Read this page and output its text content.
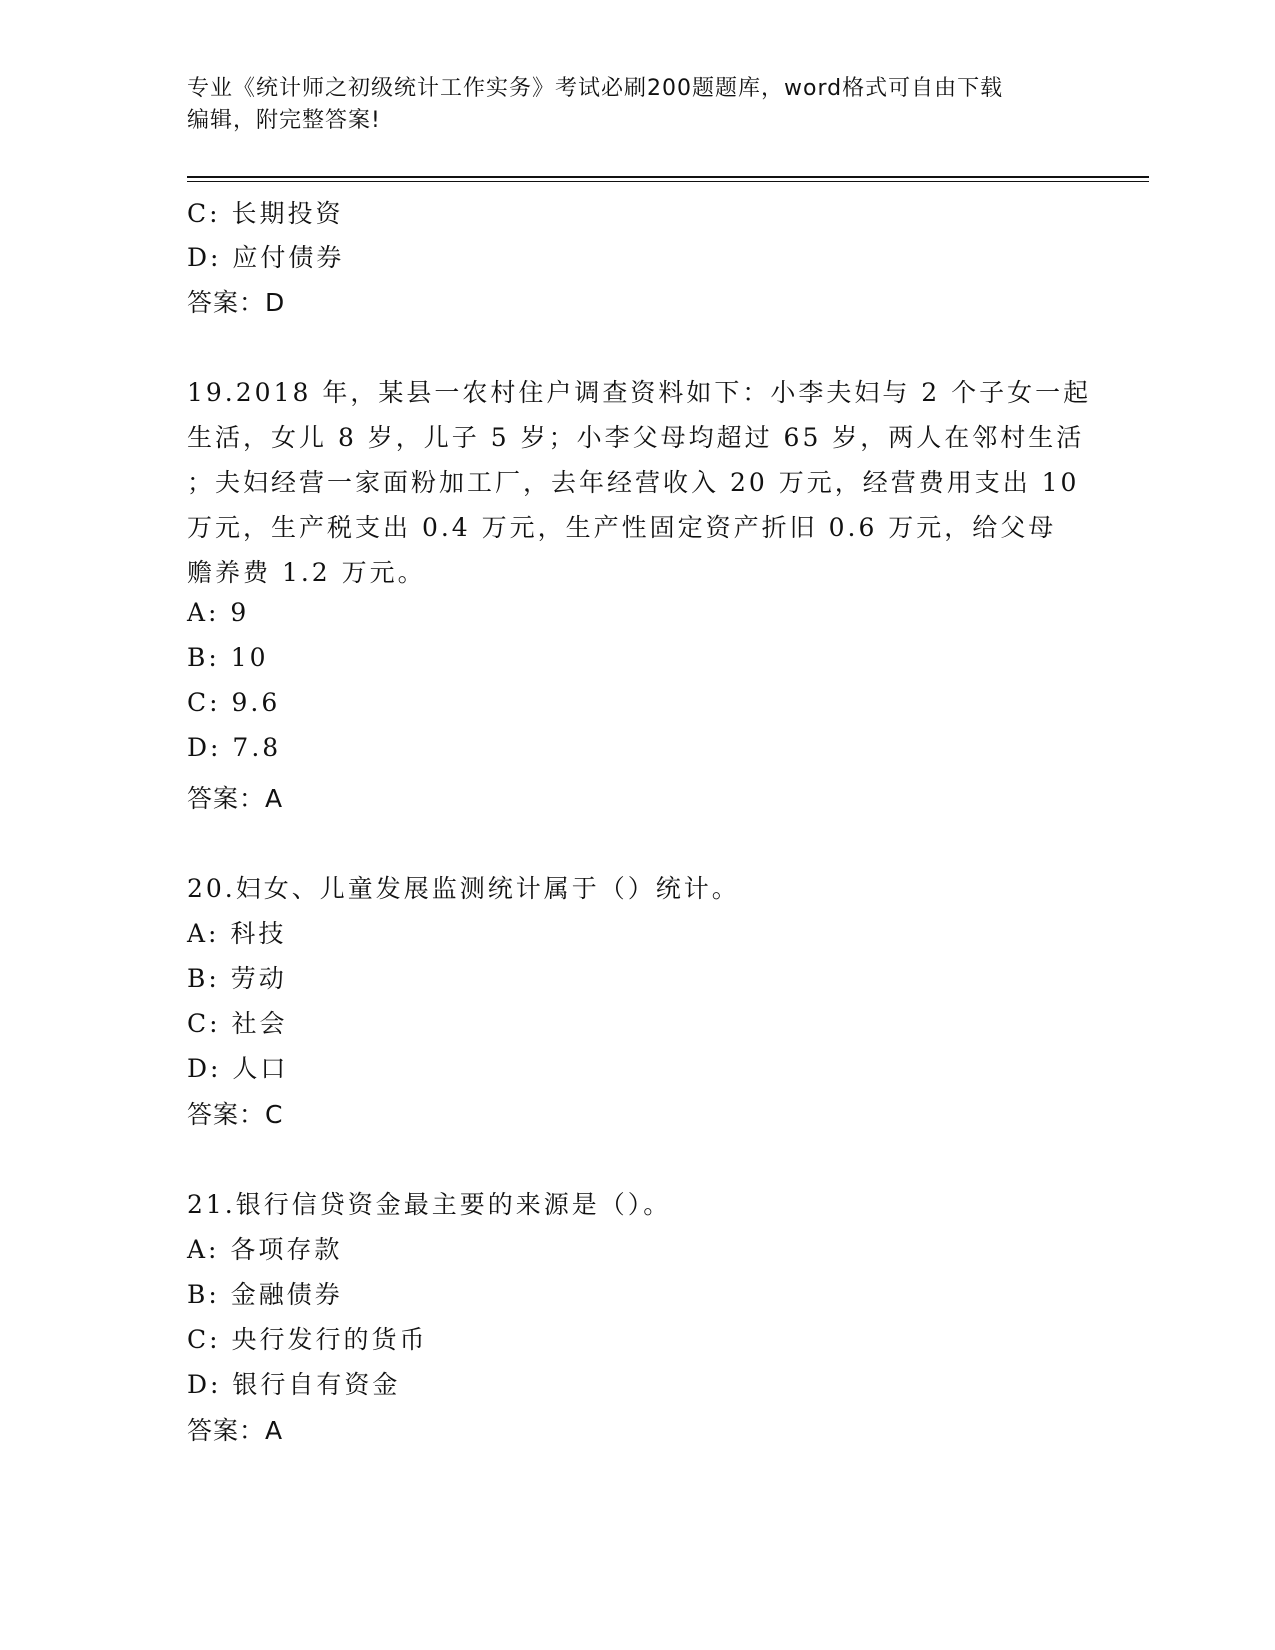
专业《统计师之初级统计工作实务》考试必刷200题题库，word格式可自由下载
编辑，附完整答案!
C: 长期投资
D: 应付债券
答案：D
19.2018 年，某县一农村住户调查资料如下：小李夫妇与 2 个子女一起
生活，女儿 8 岁，儿子 5 岁；小李父母均超过 65 岁，两人在邻村生活
；夫妇经营一家面粉加工厂，去年经营收入 20 万元，经营费用支出 10
万元，生产税支出 0.4 万元，生产性固定资产折旧 0.6 万元，给父母
赡养费 1.2 万元。
A: 9
B: 10
C: 9.6
D: 7.8
答案：A
20.妇女、儿童发展监测统计属于（）统计。
A: 科技
B: 劳动
C: 社会
D: 人口
答案：C
21.银行信贷资金最主要的来源是（）。
A: 各项存款
B: 金融债券
C: 央行发行的货币
D: 银行自有资金
答案：A
